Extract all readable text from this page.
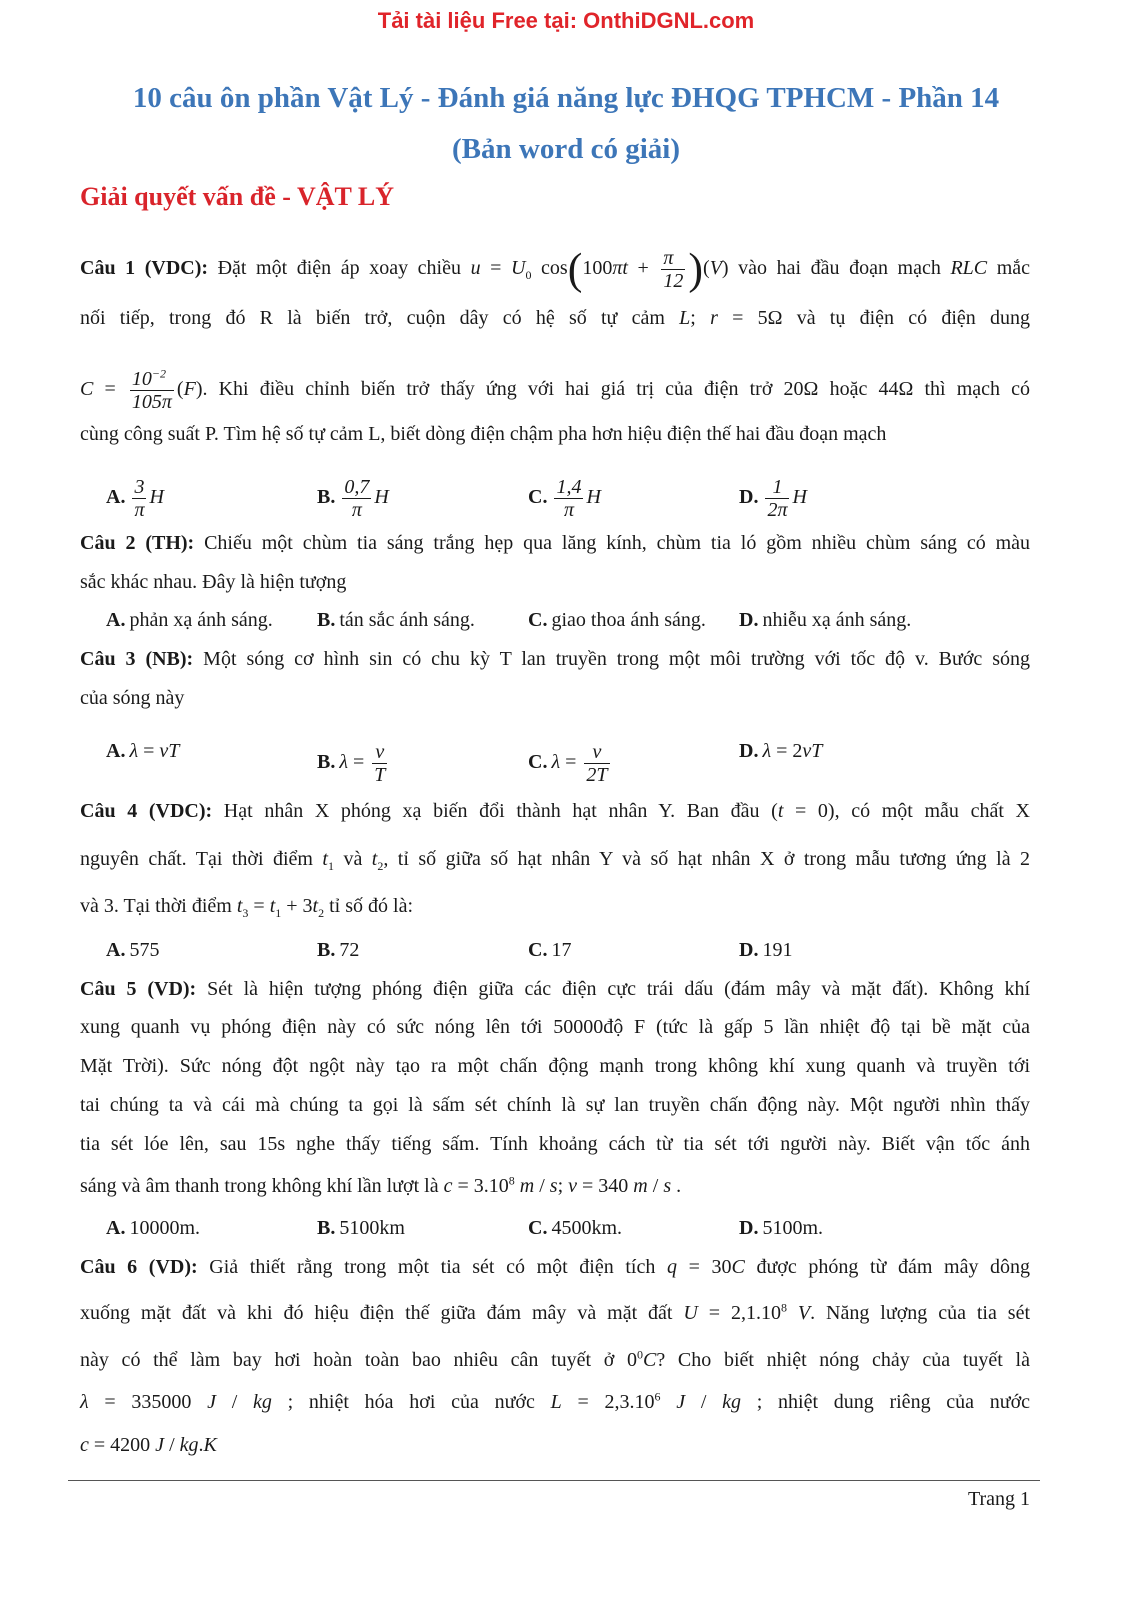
Tải tài liệu Free tại: OnthiDGNL.com
10 câu ôn phần Vật Lý - Đánh giá năng lực ĐHQG TPHCM - Phần 14
(Bản word có giải)
Giải quyết vấn đề - VẬT LÝ
Câu 1 (VDC): Đặt một điện áp xoay chiều $u = U_0$ $\cos(100\pi t + \frac{\pi}{12} )(V)$ vào hai đầu đoạn mạch RLC mắc
nối tiếp, trong đó R là biến trở, cuộn dây có hệ số tự cảm L; r = 5Ω và tụ điện có điện dung
$C = \frac{10^{-2}}{105\pi} (F)$. Khi điều chỉnh biến trở thấy ứng với hai giá trị của điện trở 20Ω hoặc 44Ω thì mạch có
cùng công suất P. Tìm hệ số tự cảm L, biết dòng điện chậm pha hơn hiệu điện thế hai đầu đoạn mạch
A. $\frac{3}{\pi}$ H	B. $\frac{0,7}{\pi}$ H	C. $\frac{1,4}{\pi}$ H	D. $\frac{1}{2\pi}$ H
Câu 2 (TH): Chiếu một chùm tia sáng trắng hẹp qua lăng kính, chùm tia ló gồm nhiều chùm sáng có màu
sắc khác nhau. Đây là hiện tượng
A. phản xạ ánh sáng. B. tán sắc ánh sáng.	C. giao thoa ánh sáng. D. nhiễu xạ ánh sáng.
Câu 3 (NB): Một sóng cơ hình sin có chu kỳ T lan truyền trong một môi trường với tốc độ v. Bước sóng
của sóng này
A. λ = vT
B. $\lambda = \frac{v}{T}$	C. $\lambda = \frac{v}{2T}$	D. λ = 2vT
Câu 4 (VDC): Hạt nhân X phóng xạ biến đổi thành hạt nhân Y. Ban đầu (t = 0), có một mẫu chất X
nguyên chất. Tại thời điểm $t_1$ và $t_2$, tỉ số giữa số hạt nhân Y và số hạt nhân X ở trong mẫu tương ứng là 2
và 3. Tại thời điểm $t_3 = t_1 + 3t_2$ tỉ số đó là:
A. 575	B. 72	C. 17	D. 191
Câu 5 (VD): Sét là hiện tượng phóng điện giữa các điện cực trái dấu (đám mây và mặt đất). Không khí
xung quanh vụ phóng điện này có sức nóng lên tới 50000độ F (tức là gấp 5 lần nhiệt độ tại bề mặt của
Mặt Trời). Sức nóng đột ngột này tạo ra một chấn động mạnh trong không khí xung quanh và truyền tới
tai chúng ta và cái mà chúng ta gọi là sấm sét chính là sự lan truyền chấn động này. Một người nhìn thấy
tia sét lóe lên, sau 15s nghe thấy tiếng sấm. Tính khoảng cách từ tia sét tới người này. Biết vận tốc ánh
sáng và âm thanh trong không khí lần lượt là $c = 3.10^8$ m / s; v = 340 m / s .
A. 10000m.	B. 5100km	C. 4500km.	D. 5100m.
Câu 6 (VD): Giả thiết rằng trong một tia sét có một điện tích q = 30C được phóng từ đám mây dông
xuống mặt đất và khi đó hiệu điện thế giữa đám mây và mặt đất $U = 2,1.10^8$ V. Năng lượng của tia sét
này có thể làm bay hơi hoàn toàn bao nhiêu cân tuyết ở $0^0C$? Cho biết nhiệt nóng chảy của tuyết là
λ = 335000 J / kg ; nhiệt hóa hơi của nước $L = 2,3.10^6$ J / kg ; nhiệt dung riêng của nước
c = 4200 J / kg.K
Trang 1
